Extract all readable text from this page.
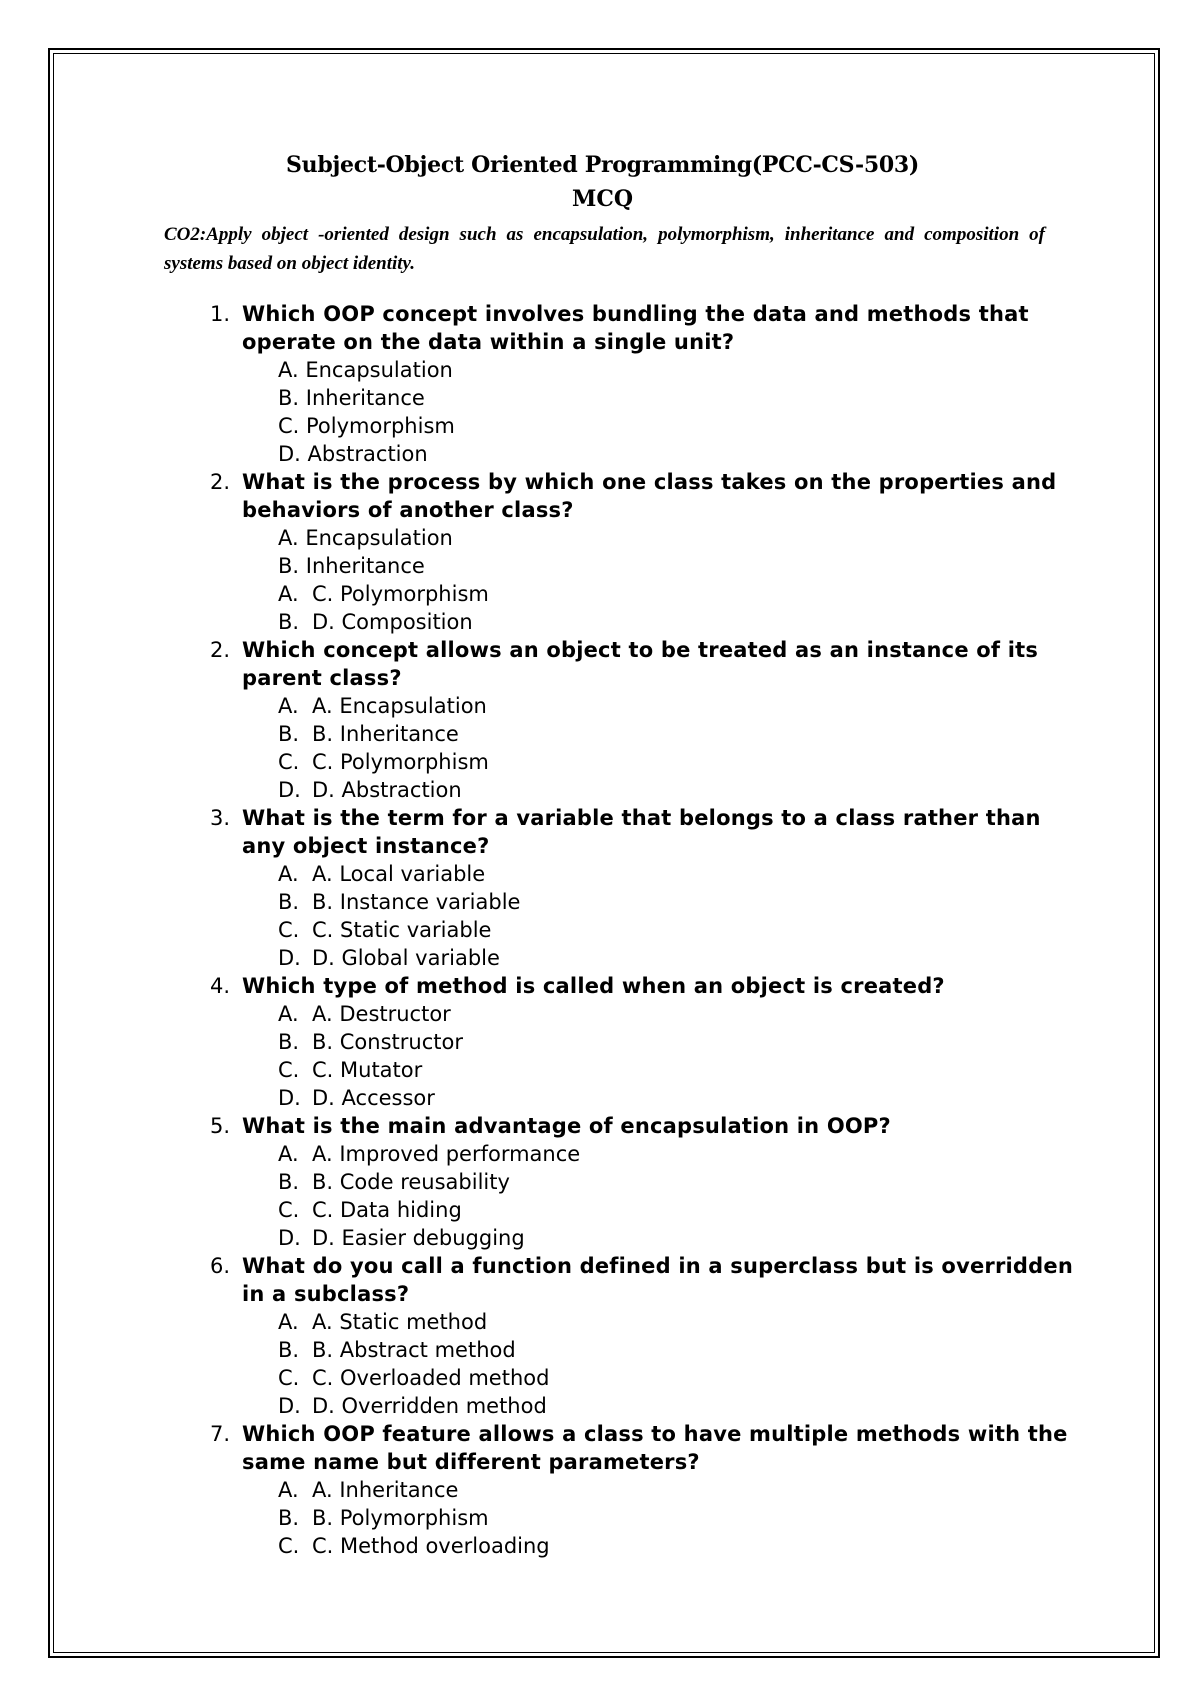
Subject-Object Oriented Programming(PCC-CS-503)

MCQ

CO2:Apply object -oriented design such as encapsulation, polymorphism, inheritance and composition of systems based on object identity.

1. Which OOP concept involves bundling the data and methods that operate on the data within a single unit?
A. Encapsulation
B. Inheritance
C. Polymorphism
D. Abstraction
2. What is the process by which one class takes on the properties and behaviors of another class?
A. Encapsulation
B. Inheritance
A. C. Polymorphism
B. D. Composition
2. Which concept allows an object to be treated as an instance of its parent class?
A. A. Encapsulation
B. B. Inheritance
C. C. Polymorphism
D. D. Abstraction
3. What is the term for a variable that belongs to a class rather than any object instance?
A. A. Local variable
B. B. Instance variable
C. C. Static variable
D. D. Global variable
4. Which type of method is called when an object is created?
A. A. Destructor
B. B. Constructor
C. C. Mutator
D. D. Accessor
5. What is the main advantage of encapsulation in OOP?
A. A. Improved performance
B. B. Code reusability
C. C. Data hiding
D. D. Easier debugging
6. What do you call a function defined in a superclass but is overridden in a subclass?
A. A. Static method
B. B. Abstract method
C. C. Overloaded method
D. D. Overridden method
7. Which OOP feature allows a class to have multiple methods with the same name but different parameters?
A. A. Inheritance
B. B. Polymorphism
C. C. Method overloading
